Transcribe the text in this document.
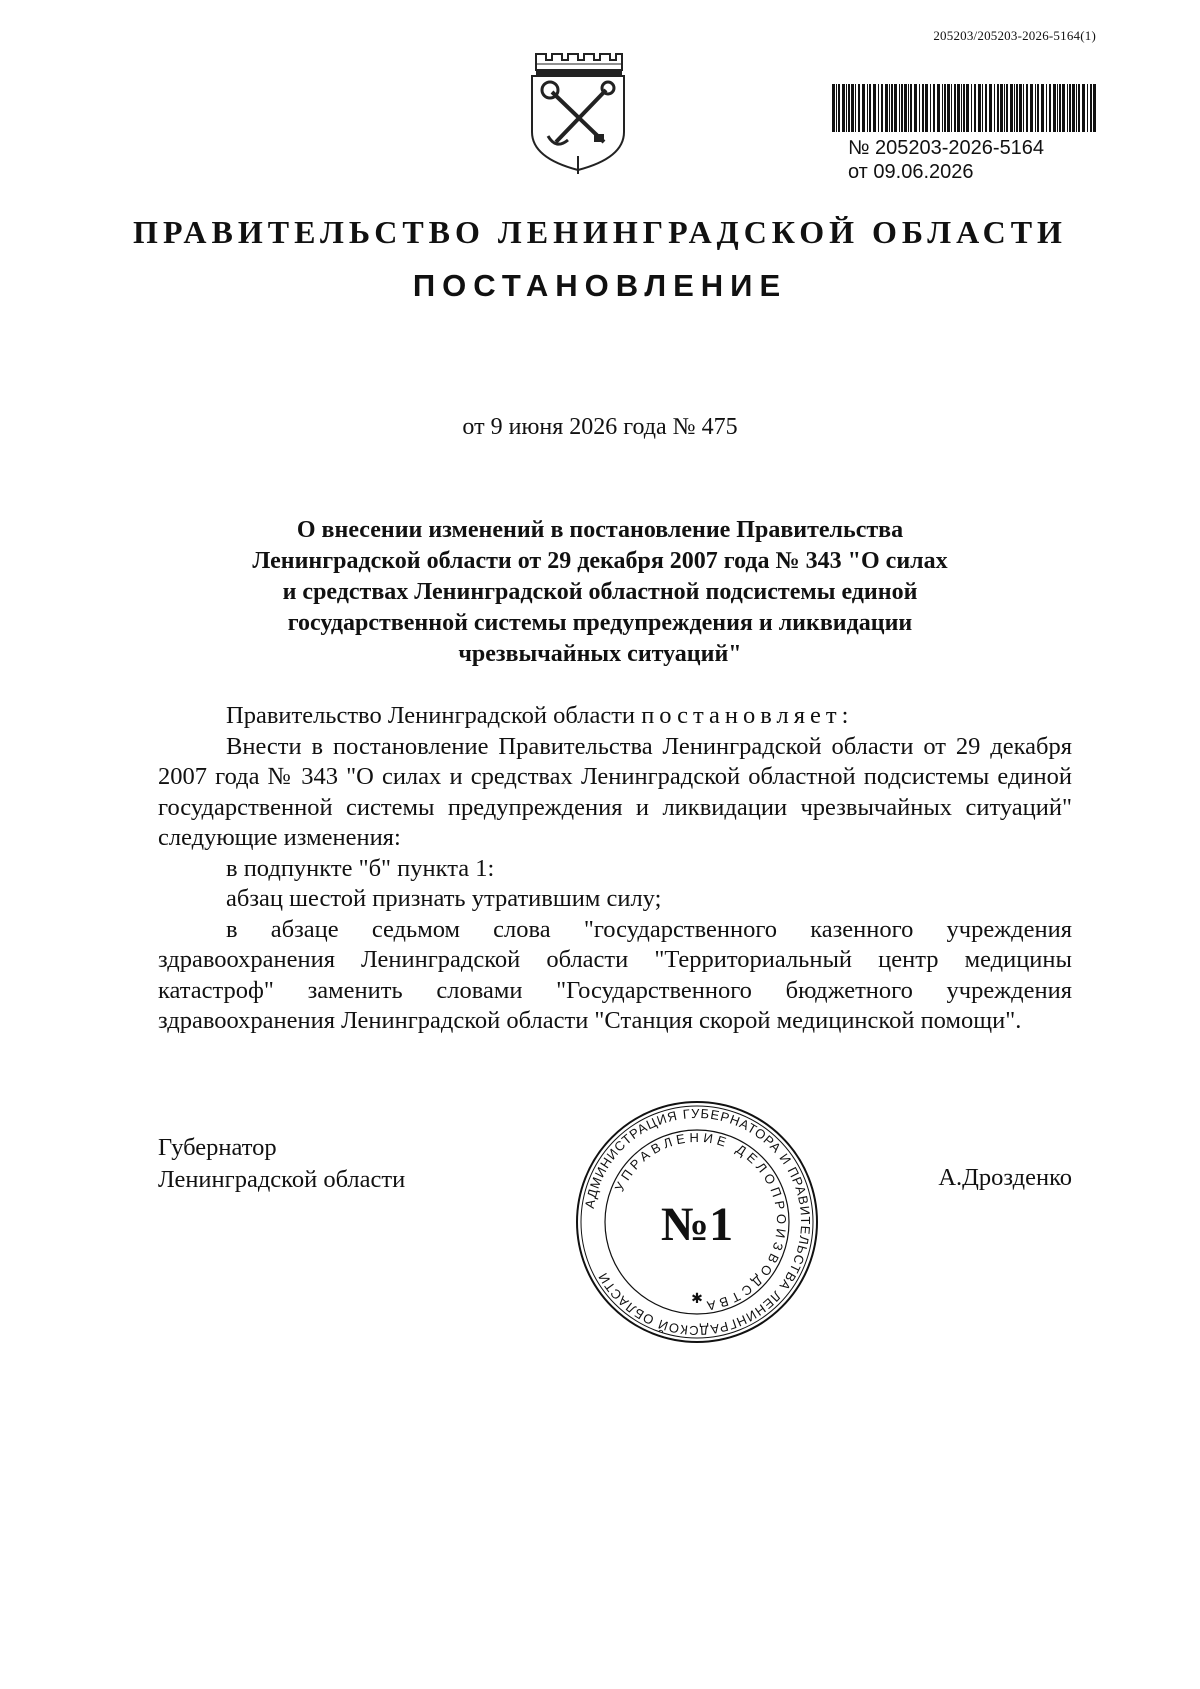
205203/205203-2026-5164(1)
№ 205203-2026-5164
от 09.06.2026
ПРАВИТЕЛЬСТВО ЛЕНИНГРАДСКОЙ ОБЛАСТИ
ПОСТАНОВЛЕНИЕ
от 9 июня 2026 года № 475
О внесении изменений в постановление Правительства
Ленинградской области от 29 декабря 2007 года № 343 "О силах
и средствах Ленинградской областной подсистемы единой
государственной системы предупреждения и ликвидации
чрезвычайных ситуаций"

Правительство Ленинградской области постановляет:

Внести в постановление Правительства Ленинградской области от 29 декабря 2007 года № 343 "О силах и средствах Ленинградской областной подсистемы единой государственной системы предупреждения и ликвидации чрезвычайных ситуаций" следующие изменения:

в подпункте "б" пункта 1:

абзац шестой признать утратившим силу;

в абзаце седьмом слова "государственного казенного учреждения здравоохранения Ленинградской области "Территориальный центр медицины катастроф" заменить словами "Государственного бюджетного учреждения здравоохранения Ленинградской области "Станция скорой медицинской помощи".

Губернатор
Ленинградской области	А.Дрозденко
АДМИНИСТРАЦИЯ ГУБЕРНАТОРА И ПРАВИТЕЛЬСТВА ЛЕНИНГРАДСКОЙ ОБЛАСТИ
УПРАВЛЕНИЕ ДЕЛОПРОИЗВОДСТВА
№1
✱
